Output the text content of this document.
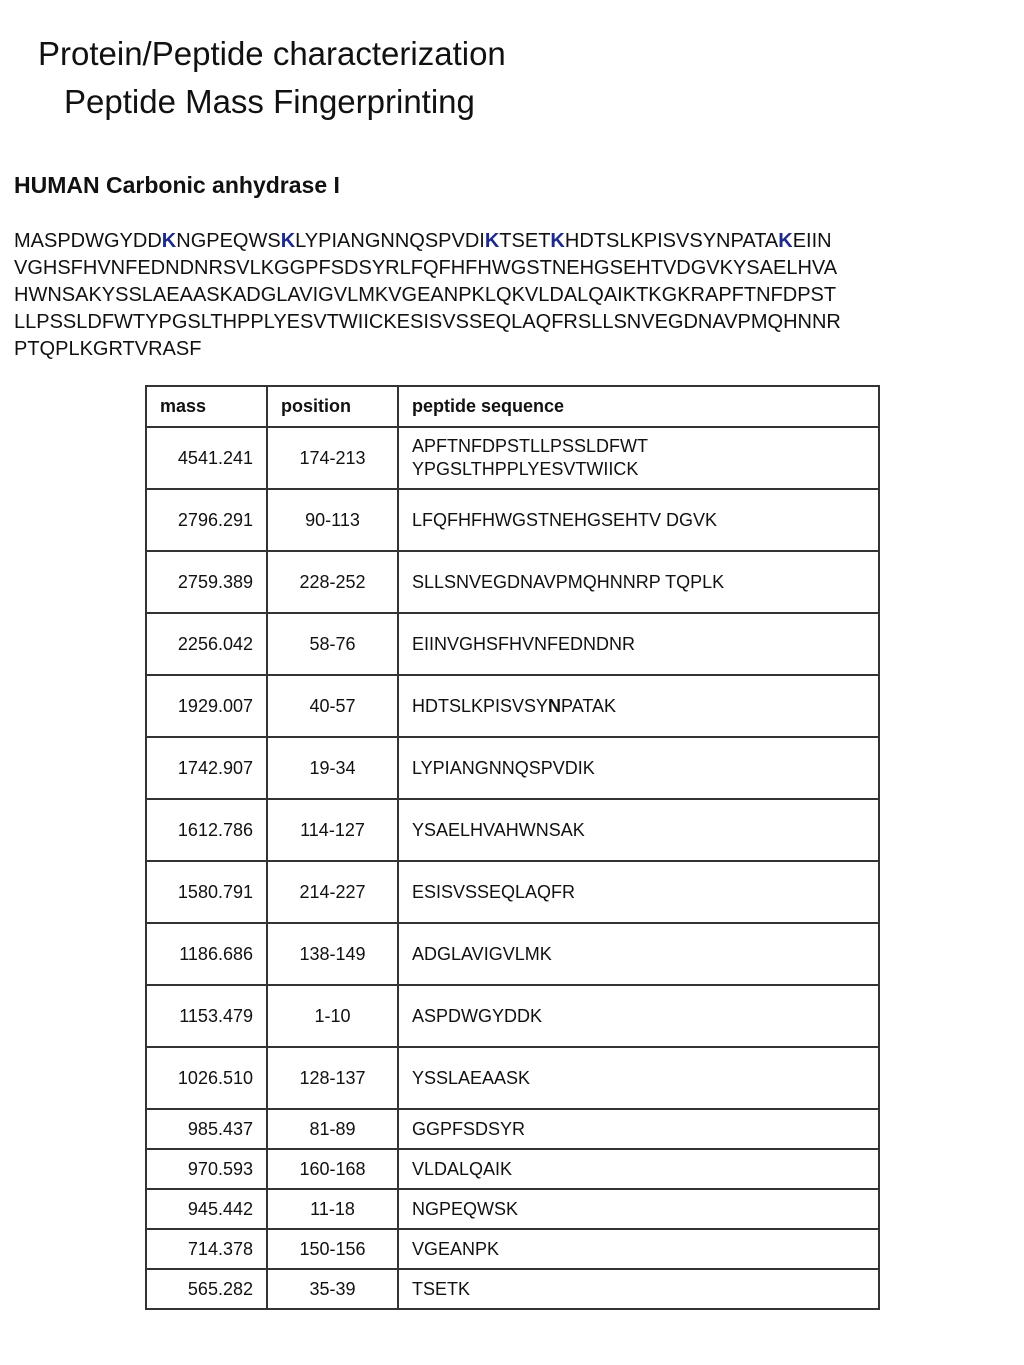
Protein/Peptide characterization
Peptide Mass Fingerprinting
HUMAN Carbonic anhydrase I
MASPDWGYDDKNGPEQWSKLYPIANGNNQSPVDIKTSETKHDTSLKPISVSYNPATAKEIIN
VGHSFHVNFEDNDNRSVLKGGPFSDSYRLFQFHFHWGSTNEHGSEHTVDGVKYSAELHVA
HWNSAKYSSLAEAASKADGLAVIGVLMKVGEANPKLQKVLDALQAIKTKGKRAPFTNFDPST
LLPSSLDFWTYPGSLTHPPLYESVTWIICKESISVSSEQLAQFRSLLSNVEGDNAVPMQHNNR
PTQPLKGRTVRASF
mass	position	peptide sequence
4541.241	174-213	APFTNFDPSTLLPSSLDFWT
YPGSLTHPPLYESVTWIICK

2796.291	90-113	LFQFHFHWGSTNEHGSEHTV DGVK

2759.389	228-252	SLLSNVEGDNAVPMQHNNRP TQPLK

2256.042	58-76	EIINVGHSFHVNFEDNDNR

1929.007	40-57	HDTSLKPISVSYNPATAK

1742.907	19-34	LYPIANGNNQSPVDIK

1612.786	114-127	YSAELHVAHWNSAK

1580.791	214-227	ESISVSSEQLAQFR

1186.686	138-149	ADGLAVIGVLMK

1153.479	1-10	ASPDWGYDDK

1026.510	128-137	YSSLAEAASK

985.437	81-89	GGPFSDSYR

970.593	160-168	VLDALQAIK

945.442	11-18	NGPEQWSK

714.378	150-156	VGEANPK

565.282	35-39	TSETK
